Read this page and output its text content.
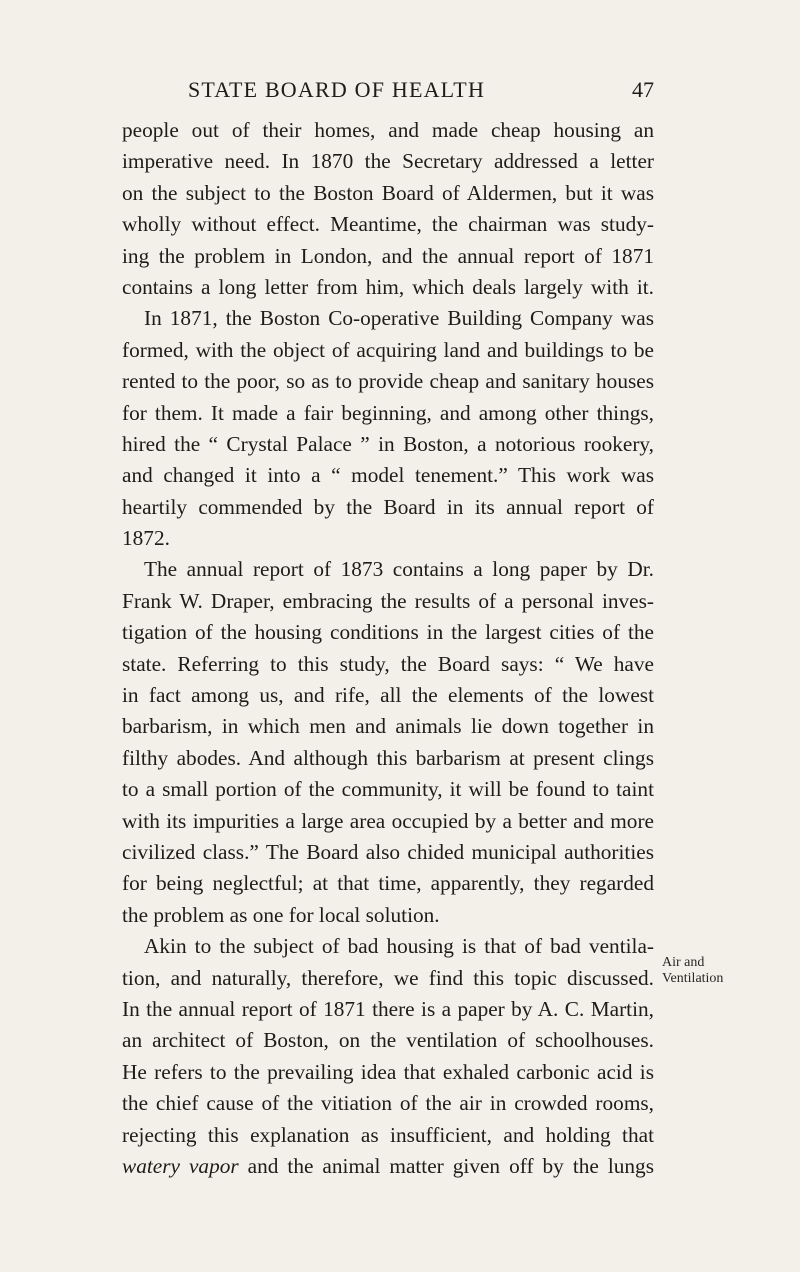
STATE BOARD OF HEALTH	47
people out of their homes, and made cheap housing an
imperative need. In 1870 the Secretary addressed a letter
on the subject to the Boston Board of Aldermen, but it was
wholly without effect. Meantime, the chairman was study-
ing the problem in London, and the annual report of 1871
contains a long letter from him, which deals largely with it.
In 1871, the Boston Co-operative Building Company was
formed, with the object of acquiring land and buildings to be
rented to the poor, so as to provide cheap and sanitary houses
for them. It made a fair beginning, and among other things,
hired the “ Crystal Palace ” in Boston, a notorious rookery,
and changed it into a “ model tenement.” This work was
heartily commended by the Board in its annual report of
1872.
The annual report of 1873 contains a long paper by Dr.
Frank W. Draper, embracing the results of a personal inves-
tigation of the housing conditions in the largest cities of the
state. Referring to this study, the Board says: “ We have
in fact among us, and rife, all the elements of the lowest
barbarism, in which men and animals lie down together in
filthy abodes. And although this barbarism at present clings
to a small portion of the community, it will be found to taint
with its impurities a large area occupied by a better and more
civilized class.” The Board also chided municipal authorities
for being neglectful; at that time, apparently, they regarded
the problem as one for local solution.
Akin to the subject of bad housing is that of bad ventila-
tion, and naturally, therefore, we find this topic discussed.
In the annual report of 1871 there is a paper by A. C. Martin,
an architect of Boston, on the ventilation of schoolhouses.
He refers to the prevailing idea that exhaled carbonic acid is
the chief cause of the vitiation of the air in crowded rooms,
rejecting this explanation as insufficient, and holding that
watery vapor and the animal matter given off by the lungs
Air and
Ventilation
